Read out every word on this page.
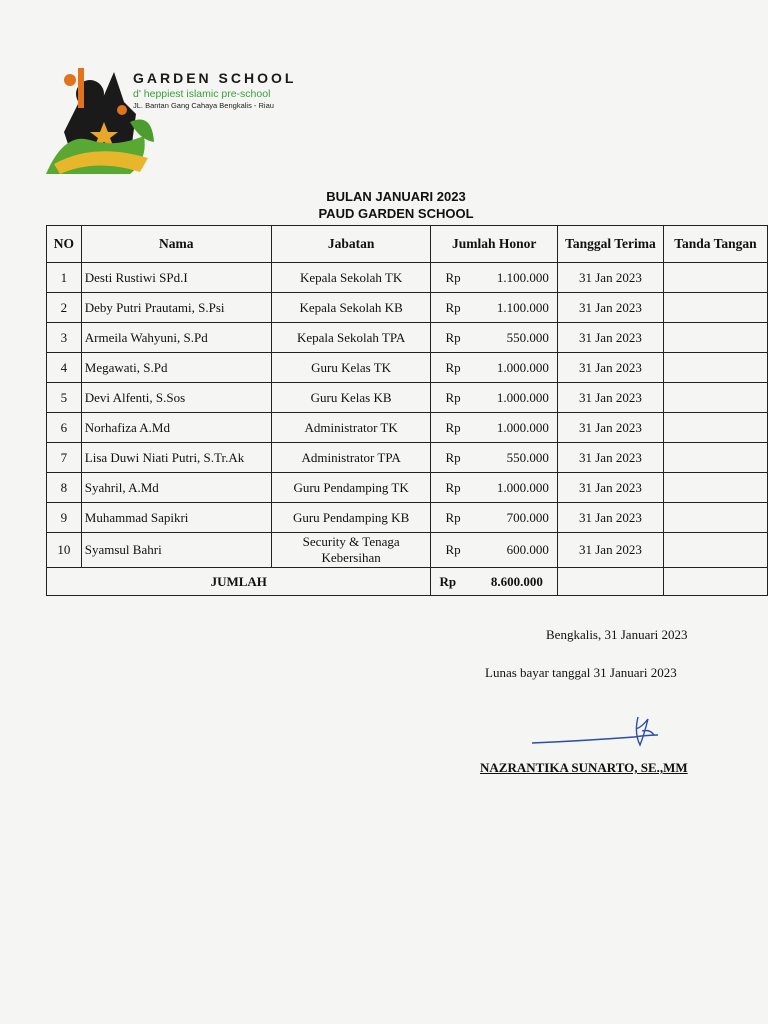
GARDEN SCHOOL
d' heppiest islamic pre-school
JL. Bantan Gang Cahaya Bengkalis - Riau
BULAN JANUARI 2023
PAUD GARDEN SCHOOL
NO	Nama	Jabatan	Jumlah Honor	Tanggal Terima	Tanda Tangan
1	Desti Rustiwi SPd.I	Kepala Sekolah TK	Rp 1.100.000	31 Jan 2023	
2	Deby Putri Prautami, S.Psi	Kepala Sekolah KB	Rp 1.100.000	31 Jan 2023	
3	Armeila Wahyuni, S.Pd	Kepala Sekolah TPA	Rp 550.000	31 Jan 2023	
4	Megawati, S.Pd	Guru Kelas TK	Rp 1.000.000	31 Jan 2023	
5	Devi Alfenti, S.Sos	Guru Kelas KB	Rp 1.000.000	31 Jan 2023	
6	Norhafiza A.Md	Administrator TK	Rp 1.000.000	31 Jan 2023	
7	Lisa Duwi Niati Putri, S.Tr.Ak	Administrator TPA	Rp 550.000	31 Jan 2023	
8	Syahril, A.Md	Guru Pendamping TK	Rp 1.000.000	31 Jan 2023	
9	Muhammad Sapikri	Guru Pendamping KB	Rp 700.000	31 Jan 2023	
10	Syamsul Bahri	Security & Tenaga Kebersihan	Rp 600.000	31 Jan 2023	
JUMLAH			Rp 8.600.000		

Bengkalis, 31 Januari 2023
Lunas bayar tanggal 31 Januari 2023
NAZRANTIKA SUNARTO, SE.,MM
